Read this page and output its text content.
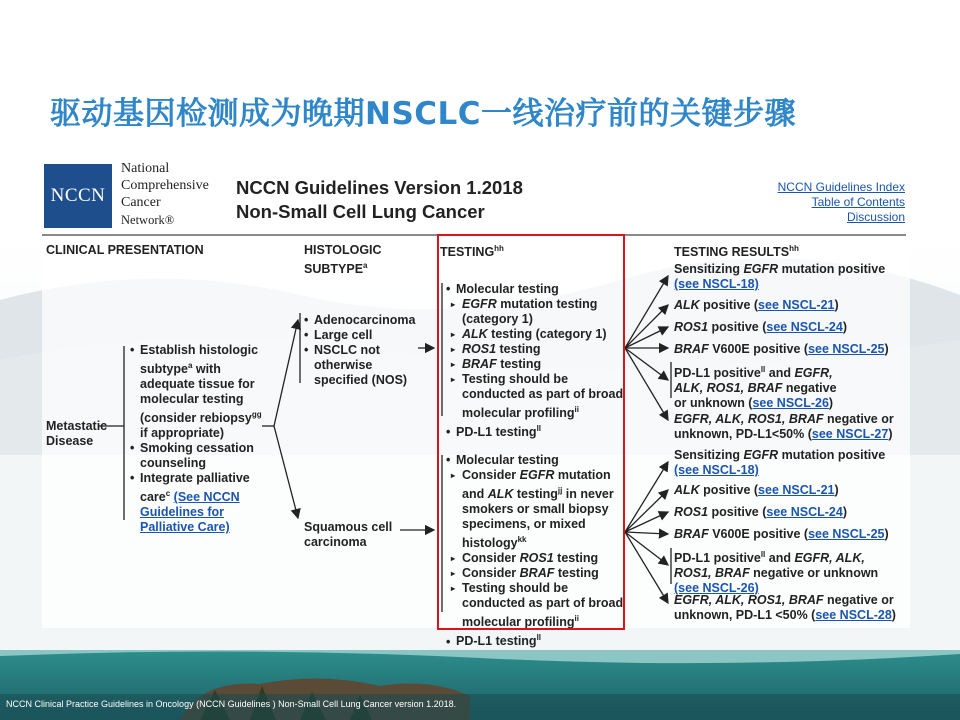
驱动基因检测成为晚期NSCLC一线治疗前的关键步骤
NCCN
National
Comprehensive
Cancer
Network®
NCCN Guidelines Version 1.2018
Non-Small Cell Lung Cancer
NCCN Guidelines Index
Table of Contents
Discussion
CLINICAL PRESENTATION	HISTOLOGIC
SUBTYPE$^a$
$TESTING^{hh}$	TESTING $RESULTS^{hh}$
Metastatic
Disease
• Establish histologic
subtype$^a$ with
adequate tissue for
molecular testing
(consider rebiopsy$^{gg}$
if appropriate)
• Smoking cessation
counseling
• Integrate palliative
care$^c$ (See NCCN
Guidelines for
Palliative Care)
• Adenocarcinoma
• Large cell
• NSCLC not
otherwise
specified (NOS)
Squamous cell
carcinoma
• Molecular testing
▸ EGFR mutation testing
(category 1)
▸ ALK testing (category 1)
▸ ROS1 testing
▸ BRAF testing
▸ Testing should be
conducted as part of broad
molecular profiling$^{ii}$
• PD-L1 testing$^{ll}$
• Molecular testing
▸ Consider EGFR mutation
and ALK testing$^{jj}$ in never
smokers or small biopsy
specimens, or mixed
histology$^{kk}$
▸ Consider ROS1 testing
▸ Consider BRAF testing
▸ Testing should be
conducted as part of broad
molecular profiling$^{ii}$
• PD-L1 testing$^{ll}$
Sensitizing EGFR mutation positive
(see NSCL-18)
ALK positive (see NSCL-21)
ROS1 positive (see NSCL-24)
BRAF V600E positive (see NSCL-25)
PD-L1 positive$^{ll}$ and EGFR,
ALK, ROS1, BRAF negative
or unknown (see NSCL-26)
EGFR, ALK, ROS1, BRAF negative or
unknown, PD-L1<50% (see NSCL-27)
Sensitizing EGFR mutation positive
(see NSCL-18)
ALK positive (see NSCL-21)
ROS1 positive (see NSCL-24)
BRAF V600E positive (see NSCL-25)
PD-L1 positive$^{ll}$ and EGFR, ALK,
ROS1, BRAF negative or unknown
(see NSCL-26)
EGFR, ALK, ROS1, BRAF negative or
unknown, PD-L1 <50% (see NSCL-28)
NCCN Clinical Practice Guidelines in Oncology (NCCN Guidelines ) Non-Small Cell Lung Cancer version 1.2018.
